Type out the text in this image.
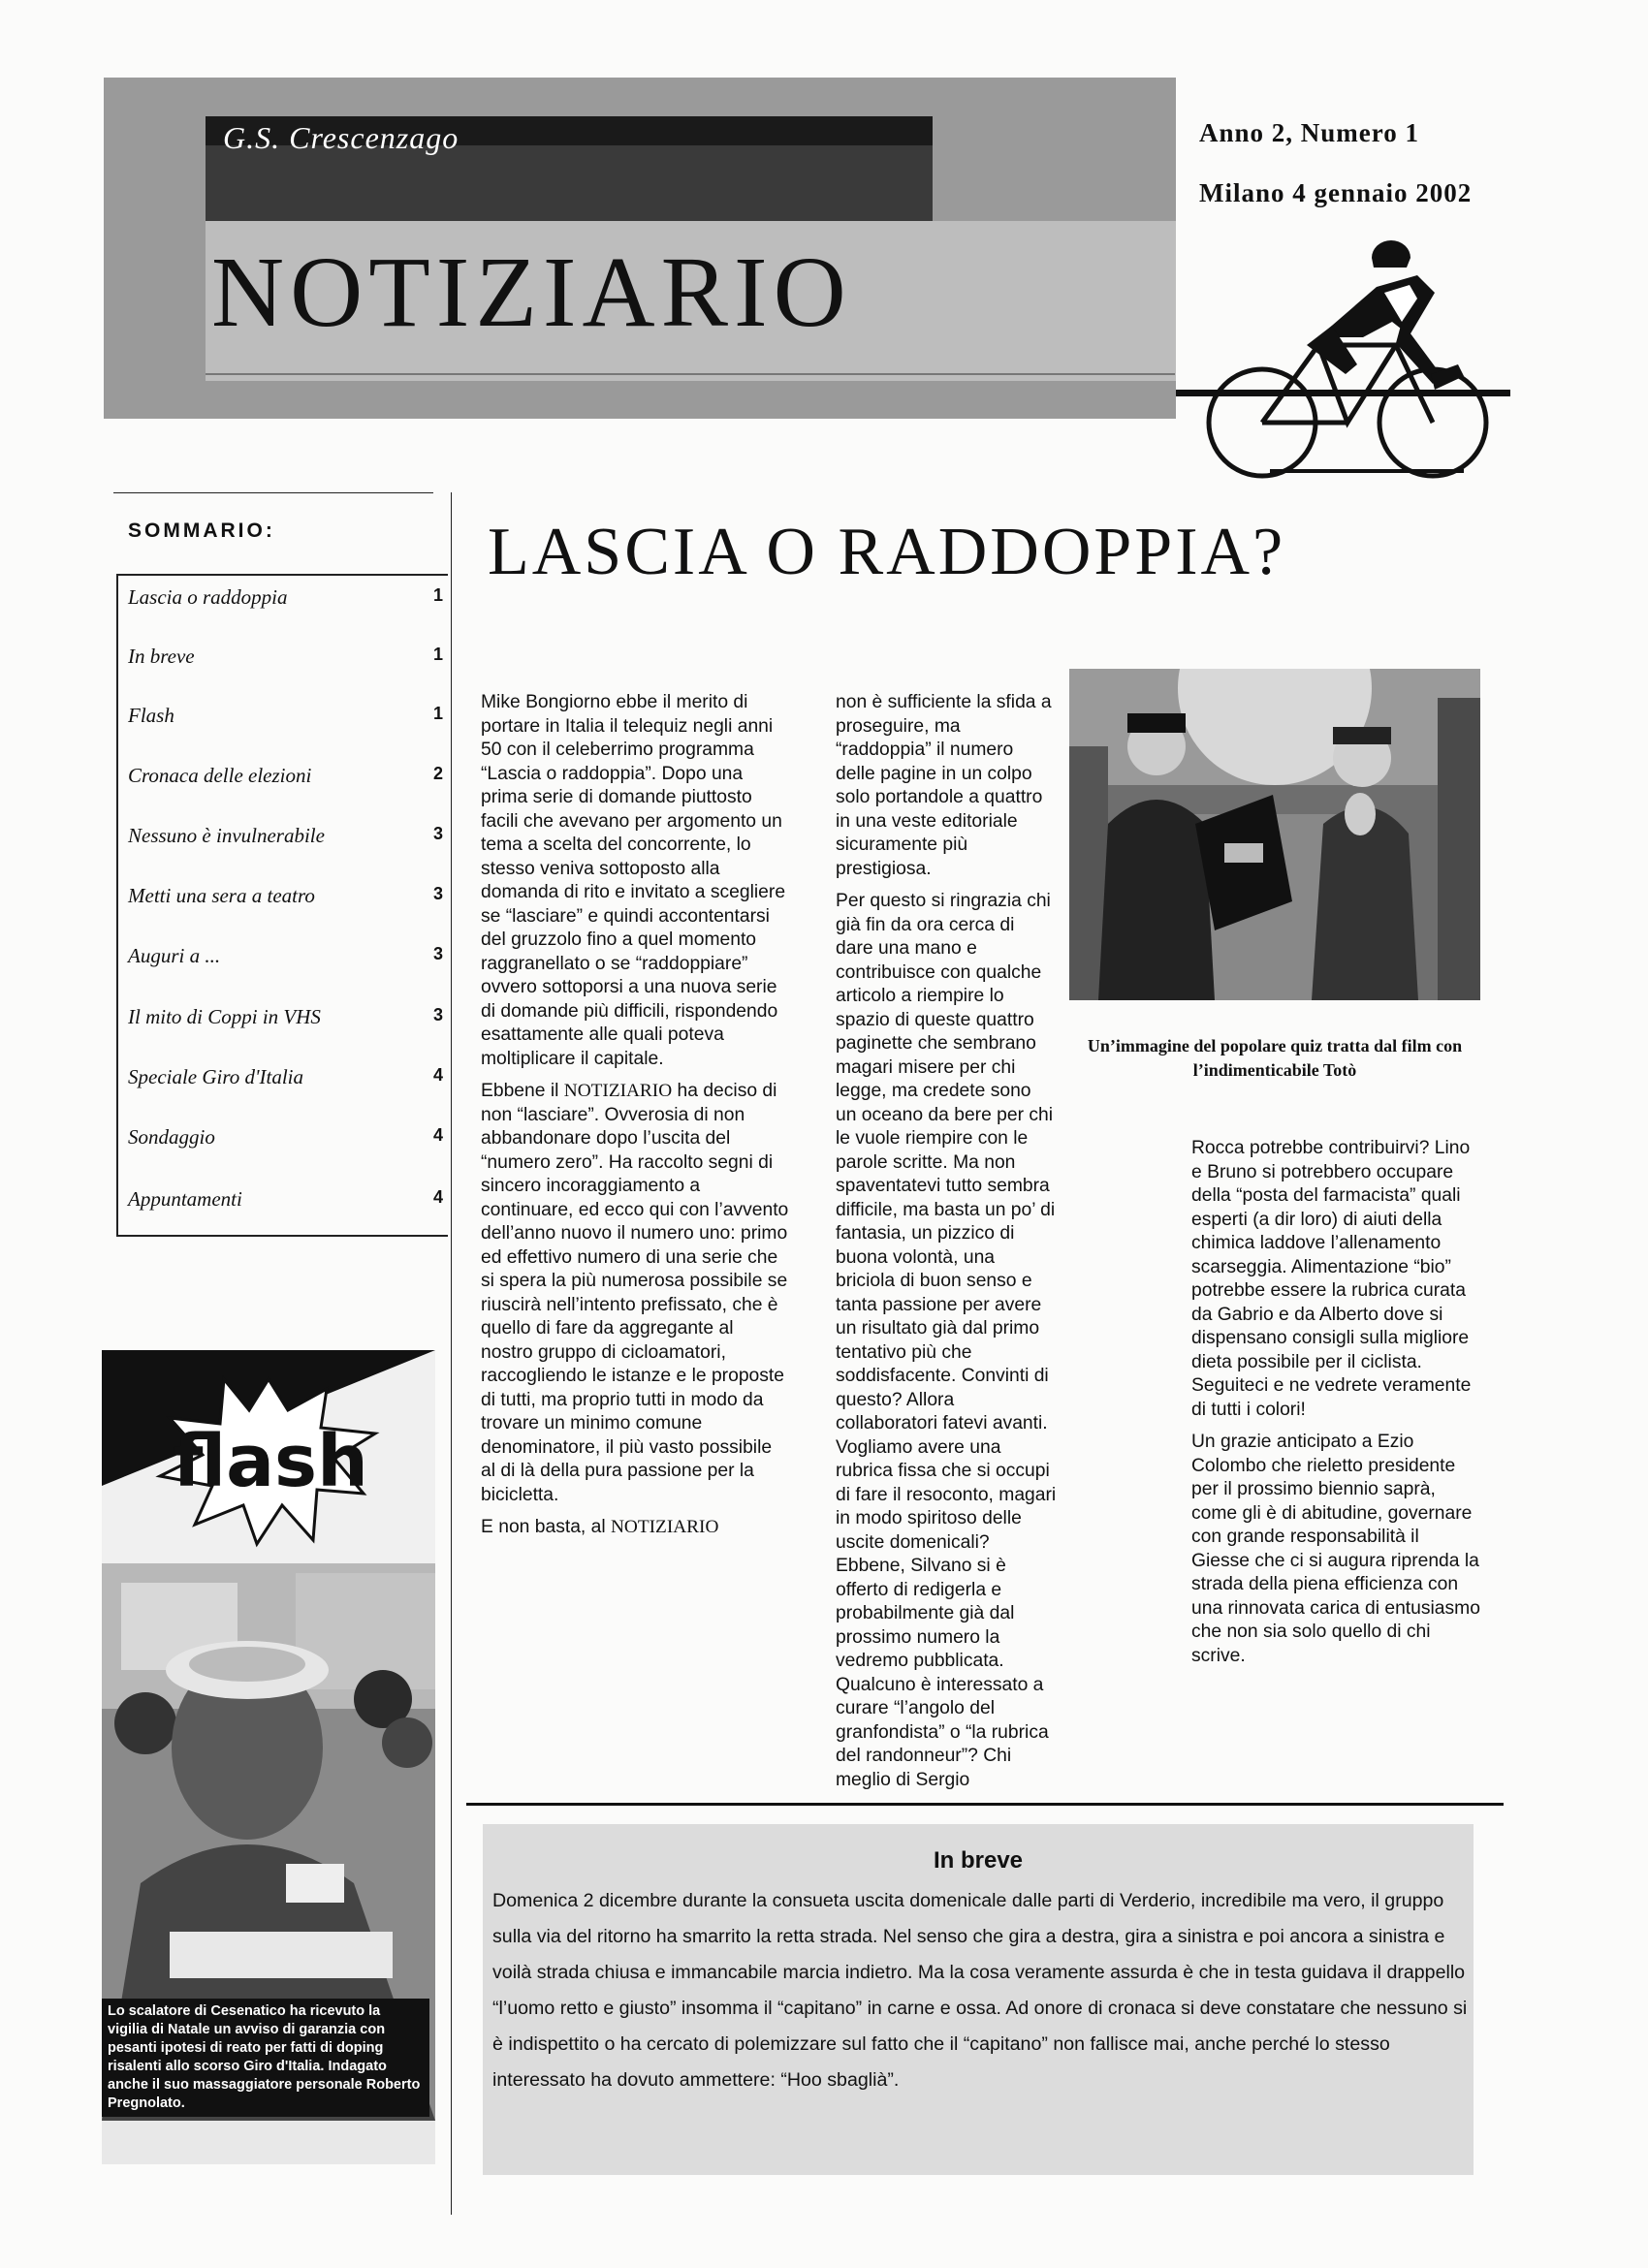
G.S. Crescenzago	Anno 2, Numero 1
Milano 4 gennaio 2002
NOTIZIARIO
SOMMARIO:
Lascia o raddoppia	1
In breve	1
Flash	1
Cronaca delle elezioni	2
Nessuno è invulnerabile	3
Metti una sera a teatro	3
Auguri a ...	3
Il mito di Coppi in VHS	3
Speciale Giro d'Italia	4
Sondaggio	4
Appuntamenti	4
flash
Lo scalatore di Cesenatico ha ricevuto la vigilia di Natale un avviso di garanzia con pesanti ipotesi di reato per fatti di doping risalenti allo scorso Giro d'Italia. Indagato anche il suo massaggiatore personale Roberto Pregnolato.
LASCIA O RADDOPPIA?

Mike Bongiorno ebbe il merito di portare in Italia il telequiz negli anni 50 con il celeberrimo programma “Lascia o raddoppia”. Dopo una prima serie di domande piuttosto facili che avevano per argomento un tema a scelta del concorrente, lo stesso veniva sottoposto alla domanda di rito e invitato a scegliere se “lasciare” e quindi accontentarsi del gruzzolo fino a quel momento raggranellato o se “raddoppiare” ovvero sottoporsi a una nuova serie di domande più difficili, rispondendo esattamente alle quali poteva moltiplicare il capitale.

Ebbene il NOTIZIARIO ha deciso di non “lasciare”. Ovverosia di non abbandonare dopo l’uscita del “numero zero”. Ha raccolto segni di sincero incoraggiamento a continuare, ed ecco qui con l’avvento dell’anno nuovo il numero uno: primo ed effettivo numero di una serie che si spera la più numerosa possibile se riuscirà nell’intento prefissato, che è quello di fare da aggregante al nostro gruppo di cicloamatori, raccogliendo le istanze e le proposte di tutti, ma proprio tutti in modo da trovare un minimo comune denominatore, il più vasto possibile al di là della pura passione per la bicicletta.

E non basta, al NOTIZIARIO

non è sufficiente la sfida a proseguire, ma “raddoppia” il numero delle pagine in un colpo solo portandole a quattro in una veste editoriale sicuramente più prestigiosa.

Per questo si ringrazia chi già fin da ora cerca di dare una mano e contribuisce con qualche articolo a riempire lo spazio di queste quattro paginette che sembrano magari misere per chi legge, ma credete sono un oceano da bere per chi le vuole riempire con le parole scritte. Ma non spaventatevi tutto sembra difficile, ma basta un po’ di fantasia, un pizzico di buona volontà, una briciola di buon senso e tanta passione per avere un risultato già dal primo tentativo più che soddisfacente. Convinti di questo? Allora collaboratori fatevi avanti. Vogliamo avere una rubrica fissa che si occupi di fare il resoconto, magari in modo spiritoso delle uscite domenicali? Ebbene, Silvano si è offerto di redigerla e probabilmente già dal prossimo numero la vedremo pubblicata. Qualcuno è interessato a curare “l’angolo del granfondista” o “la rubrica del randonneur”? Chi meglio di Sergio

Un’immagine del popolare quiz tratta dal film con l’indimenticabile Totò

Rocca potrebbe contribuirvi? Lino e Bruno si potrebbero occupare della “posta del farmacista” quali esperti (a dir loro) di aiuti della chimica laddove l’allenamento scarseggia. Alimentazione “bio” potrebbe essere la rubrica curata da Gabrio e da Alberto dove si dispensano consigli sulla migliore dieta possibile per il ciclista. Seguiteci e ne vedrete veramente di tutti i colori!

Un grazie anticipato a Ezio Colombo che rieletto presidente per il prossimo biennio saprà, come gli è di abitudine, governare con grande responsabilità il Giesse che ci si augura riprenda la strada della piena efficienza con una rinnovata carica di entusiasmo che non sia solo quello di chi scrive.

In breve
Domenica 2 dicembre durante la consueta uscita domenicale dalle parti di Verderio, incredibile ma vero, il gruppo sulla via del ritorno ha smarrito la retta strada. Nel senso che gira a destra, gira a sinistra e poi ancora a sinistra e voilà strada chiusa e immancabile marcia indietro. Ma la cosa veramente assurda è che in testa guidava il drappello “l’uomo retto e giusto” insomma il “capitano” in carne e ossa. Ad onore di cronaca si deve constatare che nessuno si è indispettito o ha cercato di polemizzare sul fatto che il “capitano” non fallisce mai, anche perché lo stesso interessato ha dovuto ammettere: “Hoo sbaglià”.
